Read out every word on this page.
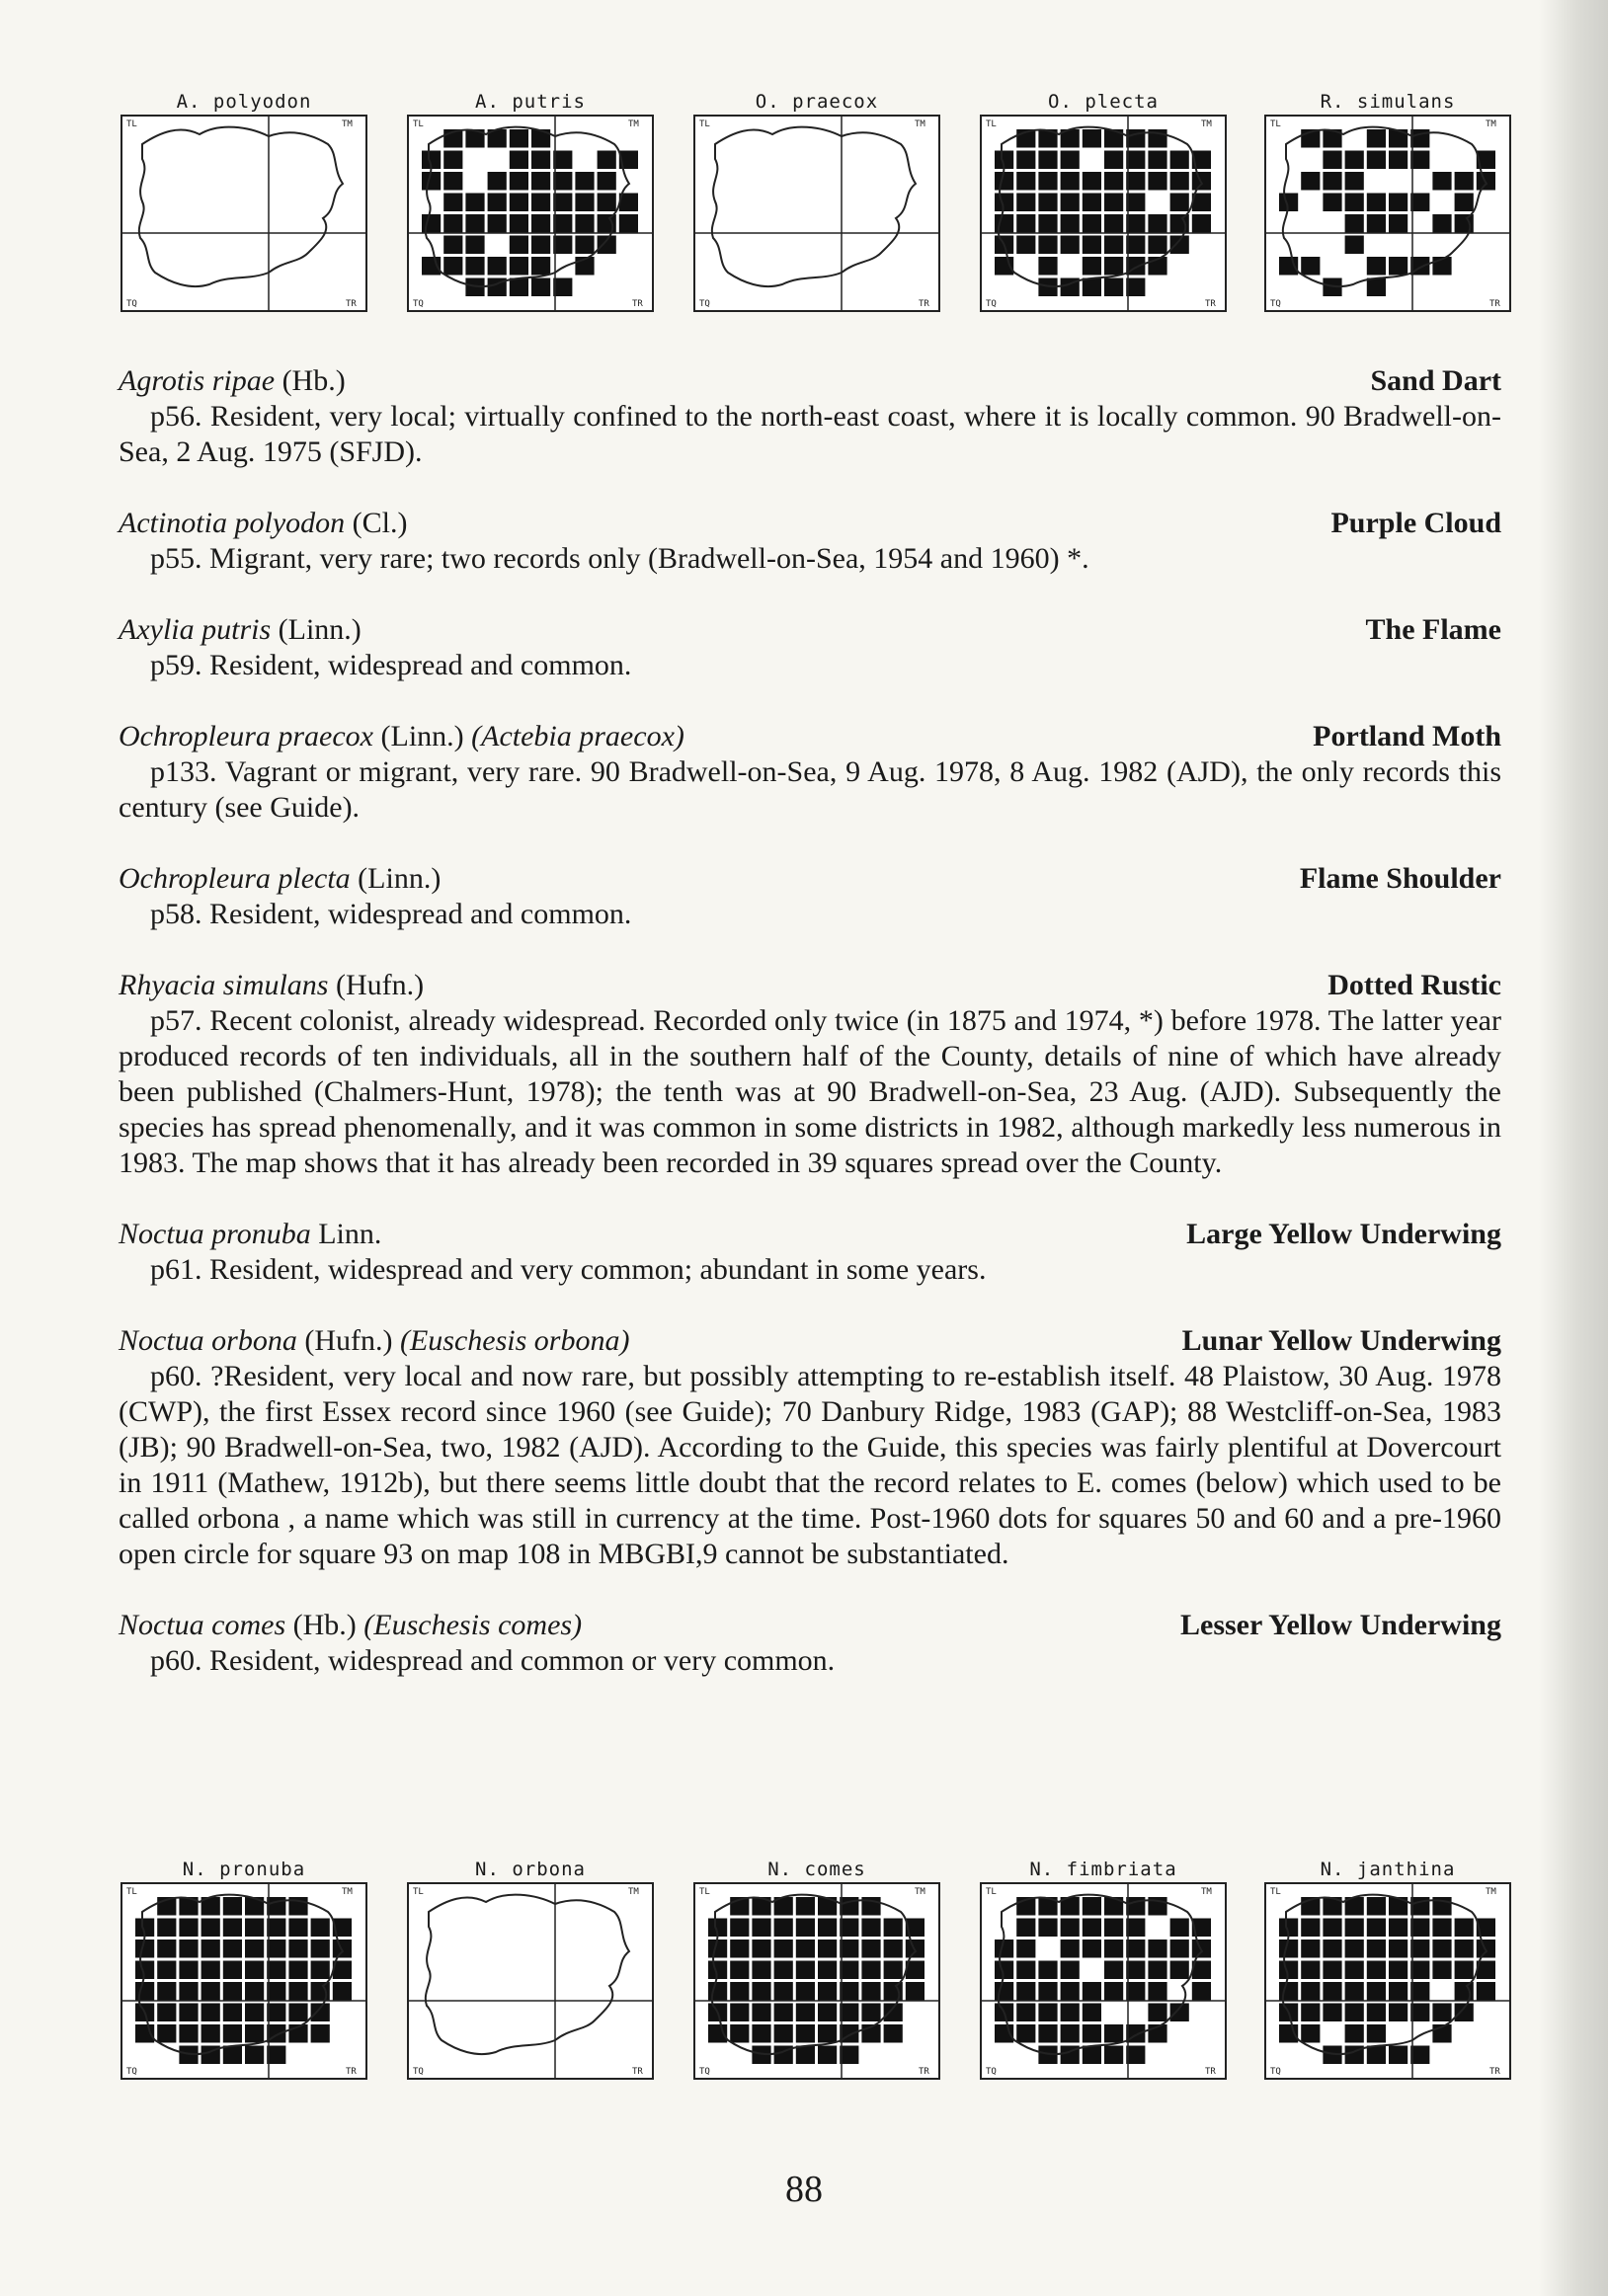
A. polyodon
TL	TM
TQ	TR
A. putris
TL	TM
TQ	TR
O. praecox
TL	TM
TQ	TR
O. plecta
TL	TM
TQ	TR
R. simulans
TL	TM
TQ	TR
Agrotis ripae (Hb.)	Sand Dart
p56. Resident, very local; virtually confined to the north-east coast, where it is locally common. 90 Bradwell-on-Sea, 2 Aug. 1975 (SFJD).
Actinotia polyodon (Cl.)	Purple Cloud
p55. Migrant, very rare; two records only (Bradwell-on-Sea, 1954 and 1960) *.
Axylia putris (Linn.)	The Flame
p59. Resident, widespread and common.
Ochropleura praecox (Linn.) (Actebia praecox)	Portland Moth
p133. Vagrant or migrant, very rare. 90 Bradwell-on-Sea, 9 Aug. 1978, 8 Aug. 1982 (AJD), the only records this century (see Guide).
Ochropleura plecta (Linn.)	Flame Shoulder
p58. Resident, widespread and common.
Rhyacia simulans (Hufn.)	Dotted Rustic
p57. Recent colonist, already widespread. Recorded only twice (in 1875 and 1974, *) before 1978. The latter year produced records of ten individuals, all in the southern half of the County, details of nine of which have already been published (Chalmers-Hunt, 1978); the tenth was at 90 Bradwell-on-Sea, 23 Aug. (AJD). Subsequently the species has spread phenomenally, and it was common in some districts in 1982, although markedly less numerous in 1983. The map shows that it has already been recorded in 39 squares spread over the County.
Noctua pronuba Linn.	Large Yellow Underwing
p61. Resident, widespread and very common; abundant in some years.
Noctua orbona (Hufn.) (Euschesis orbona)	Lunar Yellow Underwing
p60. ?Resident, very local and now rare, but possibly attempting to re-establish itself. 48 Plaistow, 30 Aug. 1978 (CWP), the first Essex record since 1960 (see Guide); 70 Danbury Ridge, 1983 (GAP); 88 Westcliff-on-Sea, 1983 (JB); 90 Bradwell-on-Sea, two, 1982 (AJD). According to the Guide, this species was fairly plentiful at Dovercourt in 1911 (Mathew, 1912b), but there seems little doubt that the record relates to E. comes (below) which used to be called orbona , a name which was still in currency at the time. Post-1960 dots for squares 50 and 60 and a pre-1960 open circle for square 93 on map 108 in MBGBI,9 cannot be substantiated.
Noctua comes (Hb.) (Euschesis comes)	Lesser Yellow Underwing
p60. Resident, widespread and common or very common.
N. pronuba
TL	TM
TQ	TR
N. orbona
TL	TM
TQ	TR
N. comes
TL	TM
TQ	TR
N. fimbriata
TL	TM
TQ	TR
N. janthina
TL	TM
TQ	TR
88
